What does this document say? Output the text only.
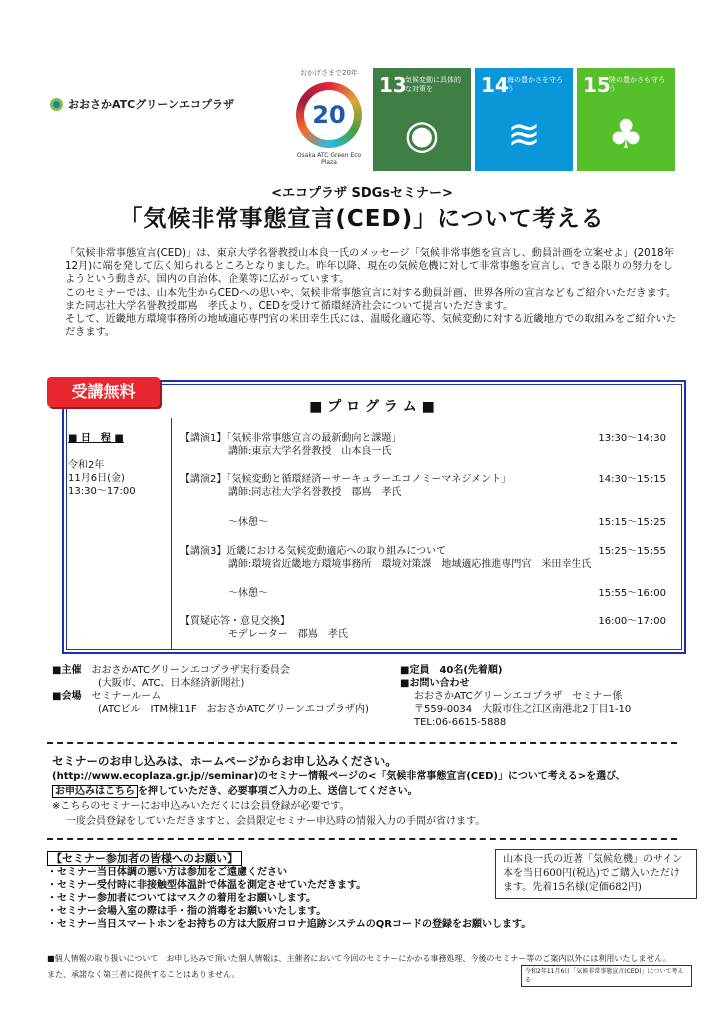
おおさかATCグリーンエコプラザ
おかげさまで20年
20
Osaka ATC Green Eco Plaza
13
気候変動に具体的な対策を
◉
14
海の豊かさを守ろう
≋
15
陸の豊かさも守ろう
♣
<エコプラザ SDGsセミナー>
「気候非常事態宣言(CED)」について考える

「気候非常事態宣言(CED)」は、東京大学名誉教授山本良一氏のメッセージ「気候非常事態を宣言し、動員計画を立案せよ」(2018年12月)に端を発して広く知られるところとなりました。昨年以降、現在の気候危機に対して非常事態を宣言し、できる限りの努力をしようという動きが、国内の自治体、企業等に広がっています。

このセミナーでは、山本先生からCEDへの思いや、気候非常事態宣言に対する動員計画、世界各所の宣言などもご紹介いただきます。

また同志社大学名誉教授郡嶌　孝氏より、CEDを受けて循環経済社会について提言いただきます。

そして、近畿地方環境事務所の地域適応専門官の米田幸生氏には、温暖化適応等、気候変動に対する近畿地方での取組みをご紹介いただきます。

受講無料
■ プ ロ グ ラ ム ■
■ 日　程 ■
令和2年
11月6日(金)
13:30～17:00
【講演1】「気候非常事態宣言の最新動向と課題」
講師:東京大学名誉教授　山本良一氏
13:30～14:30
【講演2】「気候変動と循環経済ーサーキュラーエコノミーマネジメント」
講師:同志社大学名誉教授　郡嶌　孝氏
14:30～15:15
～休憩～	15:15～15:25
【講演3】近畿における気候変動適応への取り組みについて
講師:環境省近畿地方環境事務所　環境対策課　地域適応推進専門官　米田幸生氏
15:25～15:55
～休憩～	15:55～16:00
【質疑応答・意見交換】
モデレーター　郡嶌　孝氏
16:00～17:00
■主催　 おおさかATCグリーンエコプラザ実行委員会
(大阪市、ATC、日本経済新聞社)
■会場　 セミナールーム
(ATCビル　ITM棟11F　おおさかATCグリーンエコプラザ内)
■定員　40名(先着順)
■お問い合わせ
おおさかATCグリーンエコプラザ　セミナー係
〒559-0034　大阪市住之江区南港北2丁目1-10
TEL:06-6615-5888
セミナーのお申し込みは、ホームページからお申し込みください。
(http://www.ecoplaza.gr.jp//seminar)のセミナー情報ページの<「気候非常事態宣言(CED)」について考える>を選び、
お申込みはこちら を押していただき、必要事項ご入力の上、送信してください。
※こちらのセミナーにお申込みいただくには会員登録が必要です。
一度会員登録をしていただきますと、会員限定セミナー申込時の情報入力の手間が省けます。
【セミナー参加者の皆様へのお願い】
・セミナー当日体調の悪い方は参加をご遠慮ください
・セミナー受付時に非接触型体温計で体温を測定させていただきます。
・セミナー参加者についてはマスクの着用をお願いします。
・セミナー会場入室の際は手・指の消毒をお願いいたします。
・セミナー当日スマートホンをお持ちの方は大阪府コロナ追跡システムのQRコードの登録をお願いします。
山本良一氏の近著「気候危機」のサイン本を当日600円(税込)でご購入いただけます。先着15名様(定価682円)
■個人情報の取り扱いについて　お申し込みで頂いた個人情報は、主催者において今回のセミナーにかかる事務処理、今後のセミナー等のご案内以外には利用いたしません。
また、承諾なく第三者に提供することはありません。	令和2年11月6日「気候非常事態宣言(CED)」について考える
